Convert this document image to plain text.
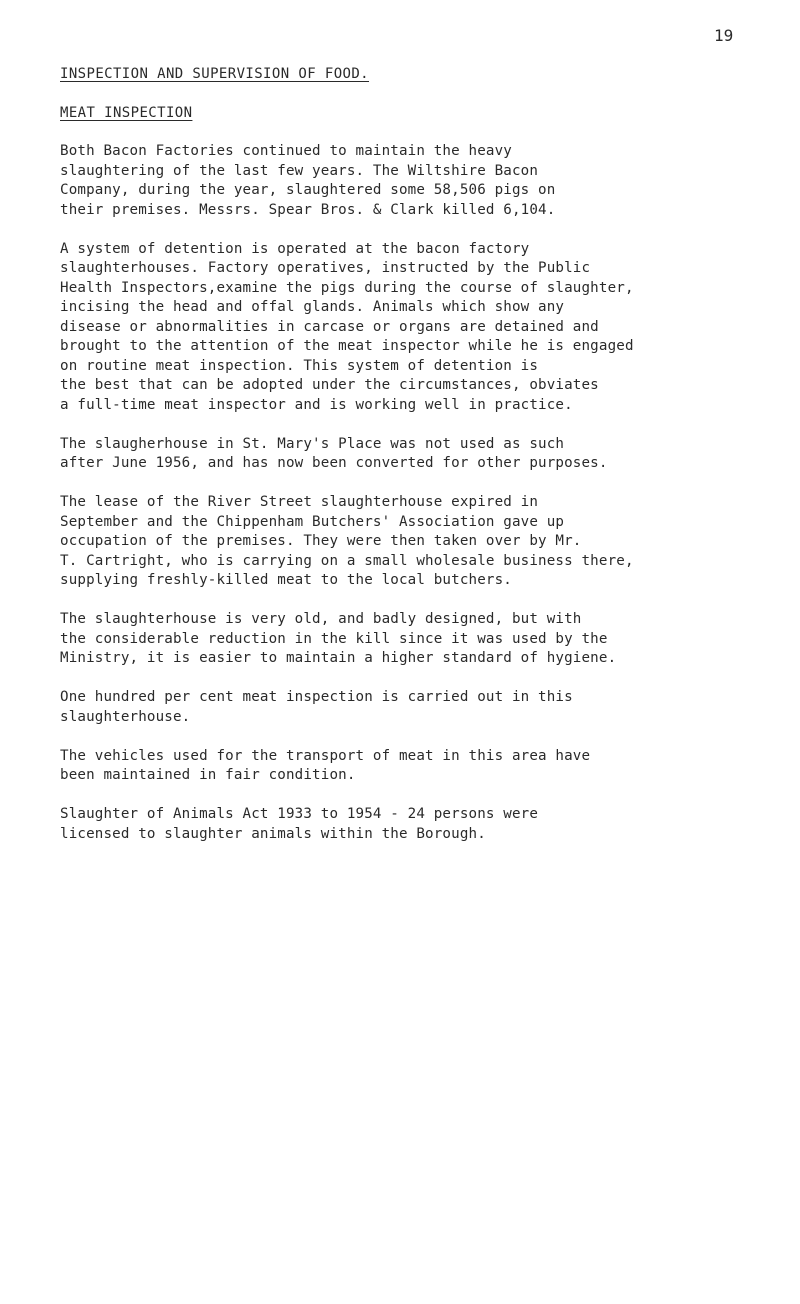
19
INSPECTION AND SUPERVISION OF FOOD.
MEAT INSPECTION

Both Bacon Factories continued to maintain the heavy
slaughtering of the last few years. The Wiltshire Bacon
Company, during the year, slaughtered some 58,506 pigs on
their premises. Messrs. Spear Bros. & Clark killed 6,104.

A system of detention is operated at the bacon factory
slaughterhouses. Factory operatives, instructed by the Public
Health Inspectors,examine the pigs during the course of slaughter,
incising the head and offal glands. Animals which show any
disease or abnormalities in carcase or organs are detained and
brought to the attention of the meat inspector while he is engaged
on routine meat inspection. This system of detention is
the best that can be adopted under the circumstances, obviates
a full-time meat inspector and is working well in practice.

The slaugherhouse in St. Mary's Place was not used as such
after June 1956, and has now been converted for other purposes.

The lease of the River Street slaughterhouse expired in
September and the Chippenham Butchers' Association gave up
occupation of the premises. They were then taken over by Mr.
T. Cartright, who is carrying on a small wholesale business there,
supplying freshly-killed meat to the local butchers.

The slaughterhouse is very old, and badly designed, but with
the considerable reduction in the kill since it was used by the
Ministry, it is easier to maintain a higher standard of hygiene.

One hundred per cent meat inspection is carried out in this
slaughterhouse.

The vehicles used for the transport of meat in this area have
been maintained in fair condition.

Slaughter of Animals Act 1933 to 1954 - 24 persons were
licensed to slaughter animals within the Borough.
